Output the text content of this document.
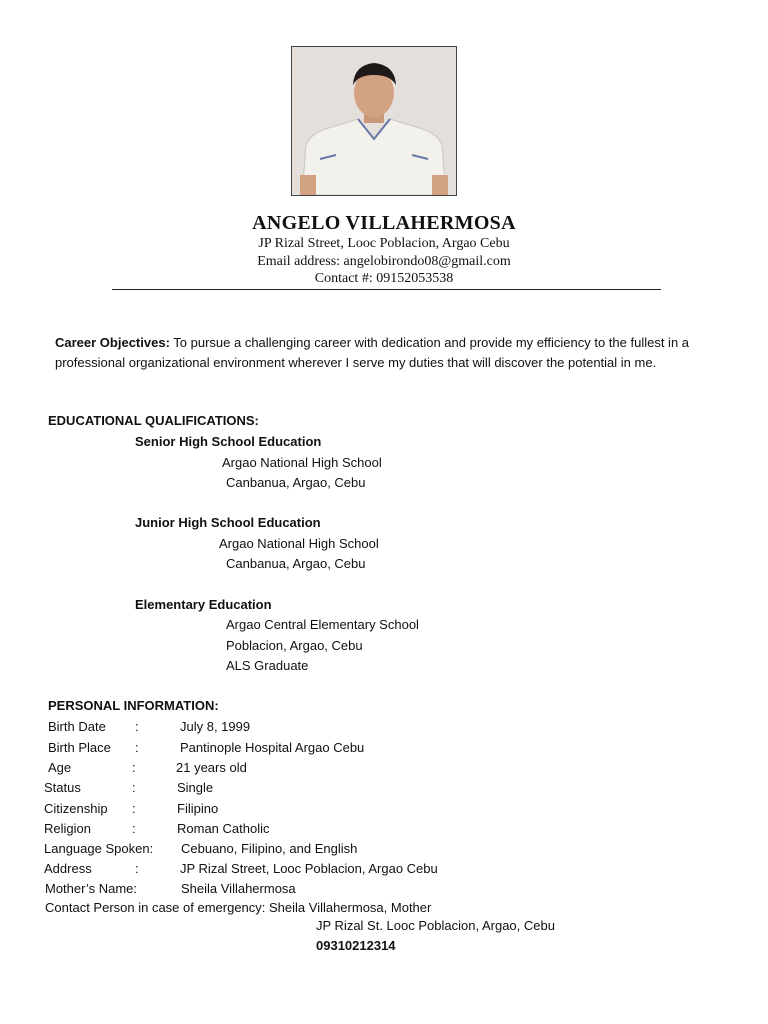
ANGELO VILLAHERMOSA
JP Rizal Street, Looc Poblacion, Argao Cebu
Email address: angelobirondo08@gmail.com
Contact #: 09152053538
Career Objectives: To pursue a challenging career with dedication and provide my efficiency to the fullest in a professional organizational environment wherever I serve my duties that will discover the potential in me.
EDUCATIONAL QUALIFICATIONS:
Senior High School Education
Argao National High School
Canbanua, Argao, Cebu
Junior High School Education
Argao National High School
Canbanua, Argao, Cebu
Elementary Education
Argao Central Elementary School
Poblacion, Argao, Cebu
ALS Graduate
PERSONAL INFORMATION:
Birth Date :	July 8, 1999
Birth Place :	Pantinople Hospital Argao Cebu
Age	:	21 years old
Status	:	Single
Citizenship :	Filipino
Religion	:	Roman Catholic
Language Spoken: Cebuano, Filipino, and English
Address	:	JP Rizal Street, Looc Poblacion, Argao Cebu
Mother’s Name:	Sheila Villahermosa
Contact Person in case of emergency: Sheila Villahermosa, Mother
JP Rizal St. Looc Poblacion, Argao, Cebu
09310212314
